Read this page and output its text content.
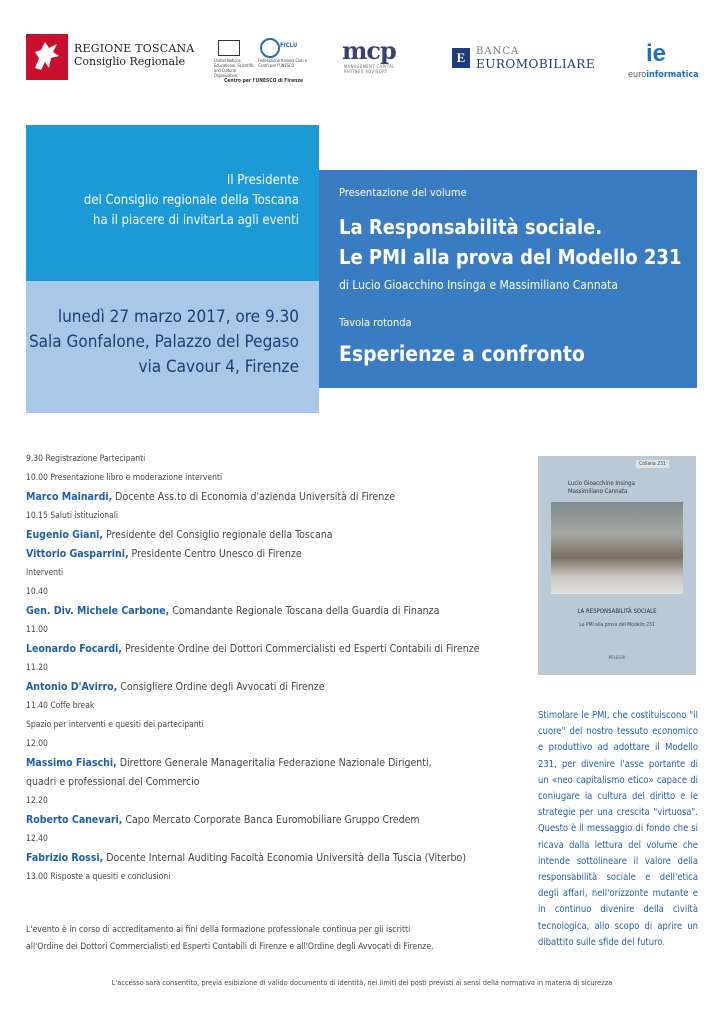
REGIONE TOSCANA
Consiglio Regionale	United Nations Educational, Scientific and Cultural Organization
FICLU
Federazione Italiana Club e Centri per l'UNESCO
Centro per l'UNESCO di Firenze
mcp
MANAGEMENT CAPITAL PARTNER ADVISORY
E	BANCA
EUROMOBILIARE ie
euroinformatica
Il Presidente
del Consiglio regionale della Toscana
ha il piacere di invitarLa agli eventi
lunedì 27 marzo 2017, ore 9.30
Sala Gonfalone, Palazzo del Pegaso
via Cavour 4, Firenze
Presentazione del volume
La Responsabilità sociale.
Le PMI alla prova del Modello 231
di Lucio Gioacchino Insinga e Massimiliano Cannata
Tavola rotonda
Esperienze a confronto
9.30 Registrazione Partecipanti
10.00 Presentazione libro e moderazione interventi
Marco Mainardi, Docente Ass.to di Economia d'azienda Università di Firenze
10.15 Saluti istituzionali
Eugenio Giani, Presidente del Consiglio regionale della Toscana
Vittorio Gasparrini, Presidente Centro Unesco di Firenze
Interventi
10.40
Gen. Div. Michele Carbone, Comandante Regionale Toscana della Guardia di Finanza
11.00
Leonardo Focardi, Presidente Ordine dei Dottori Commercialisti ed Esperti Contabili di Firenze
11.20
Antonio D'Avirro, Consigliere Ordine degli Avvocati di Firenze
11.40 Coffe break
Spazio per interventi e quesiti dei partecipanti
12.00
Massimo Fiaschi, Direttore Generale Manageritalia Federazione Nazionale Dirigenti,
quadri e professional del Commercio
12.20
Roberto Canevari, Capo Mercato Corporate Banca Euromobiliare Gruppo Credem
12.40
Fabrizio Rossi, Docente Internal Auditing Facoltà Economia Università della Tuscia (Viterbo)
13.00 Risposte a quesiti e conclusioni
L'evento è in corso di accreditamento ai fini della formazione professionale continua per gli iscritti
all'Ordine dei Dottori Commercialisti ed Esperti Contabili di Firenze e all'Ordine degli Avvocati di Firenze.
Collana 231
Lucio Gioacchino Insinga
Massimiliano Cannata
LA RESPONSABILITÀ SOCIALE
Le PMI alla prova del Modello 231
PELEGRI
Stimolare le PMI, che costituiscono "il cuore" del nostro tessuto economico e produttivo ad adottare il Modello 231, per divenire l'asse portante di un «neo capitalismo etico» capace di coniugare la cultura del diritto e le strategie per una crescita "virtuosa". Questo è il messaggio di fondo che si ricava dalla lettura del volume che intende sottolineare il valore della responsabilità sociale e dell'etica degli affari, nell'orizzonte mutante e in continuo divenire della civiltà tecnologica, allo scopo di aprire un dibattito sulle sfide del futuro.
L'accesso sarà consentito, previa esibizione di valido documento di identità, nei limiti dei posti previsti ai sensi della normativa in materia di sicurezza
